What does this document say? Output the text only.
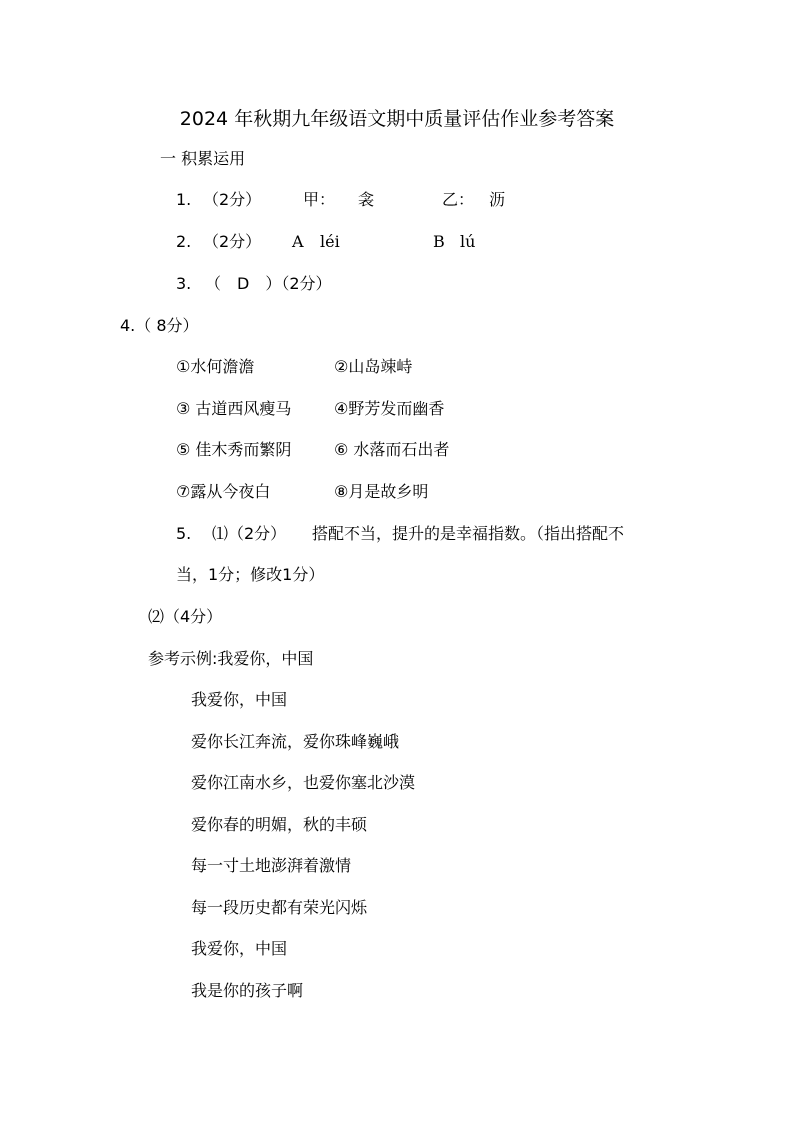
2024 年秋期九年级语文期中质量评估作业参考答案
一 积累运用
1. （2分）	甲： 衾	乙： 沥
2. （2分） A léi	B lú
3. （　D　）（2分）
4.（ 8分）
①水何澹澹	②山岛竦峙
③ 古道西风瘦马	④野芳发而幽香
⑤ 佳木秀而繁阴	⑥ 水落而石出者
⑦露从今夜白	⑧月是故乡明
5. ⑴（2分） 搭配不当，提升的是幸福指数。（指出搭配不
当，1分；修改1分）
⑵（4分）
参考示例:我爱你，中国
我爱你，中国
爱你长江奔流，爱你珠峰巍峨
爱你江南水乡，也爱你塞北沙漠
爱你春的明媚，秋的丰硕
每一寸土地澎湃着激情
每一段历史都有荣光闪烁
我爱你，中国
我是你的孩子啊
